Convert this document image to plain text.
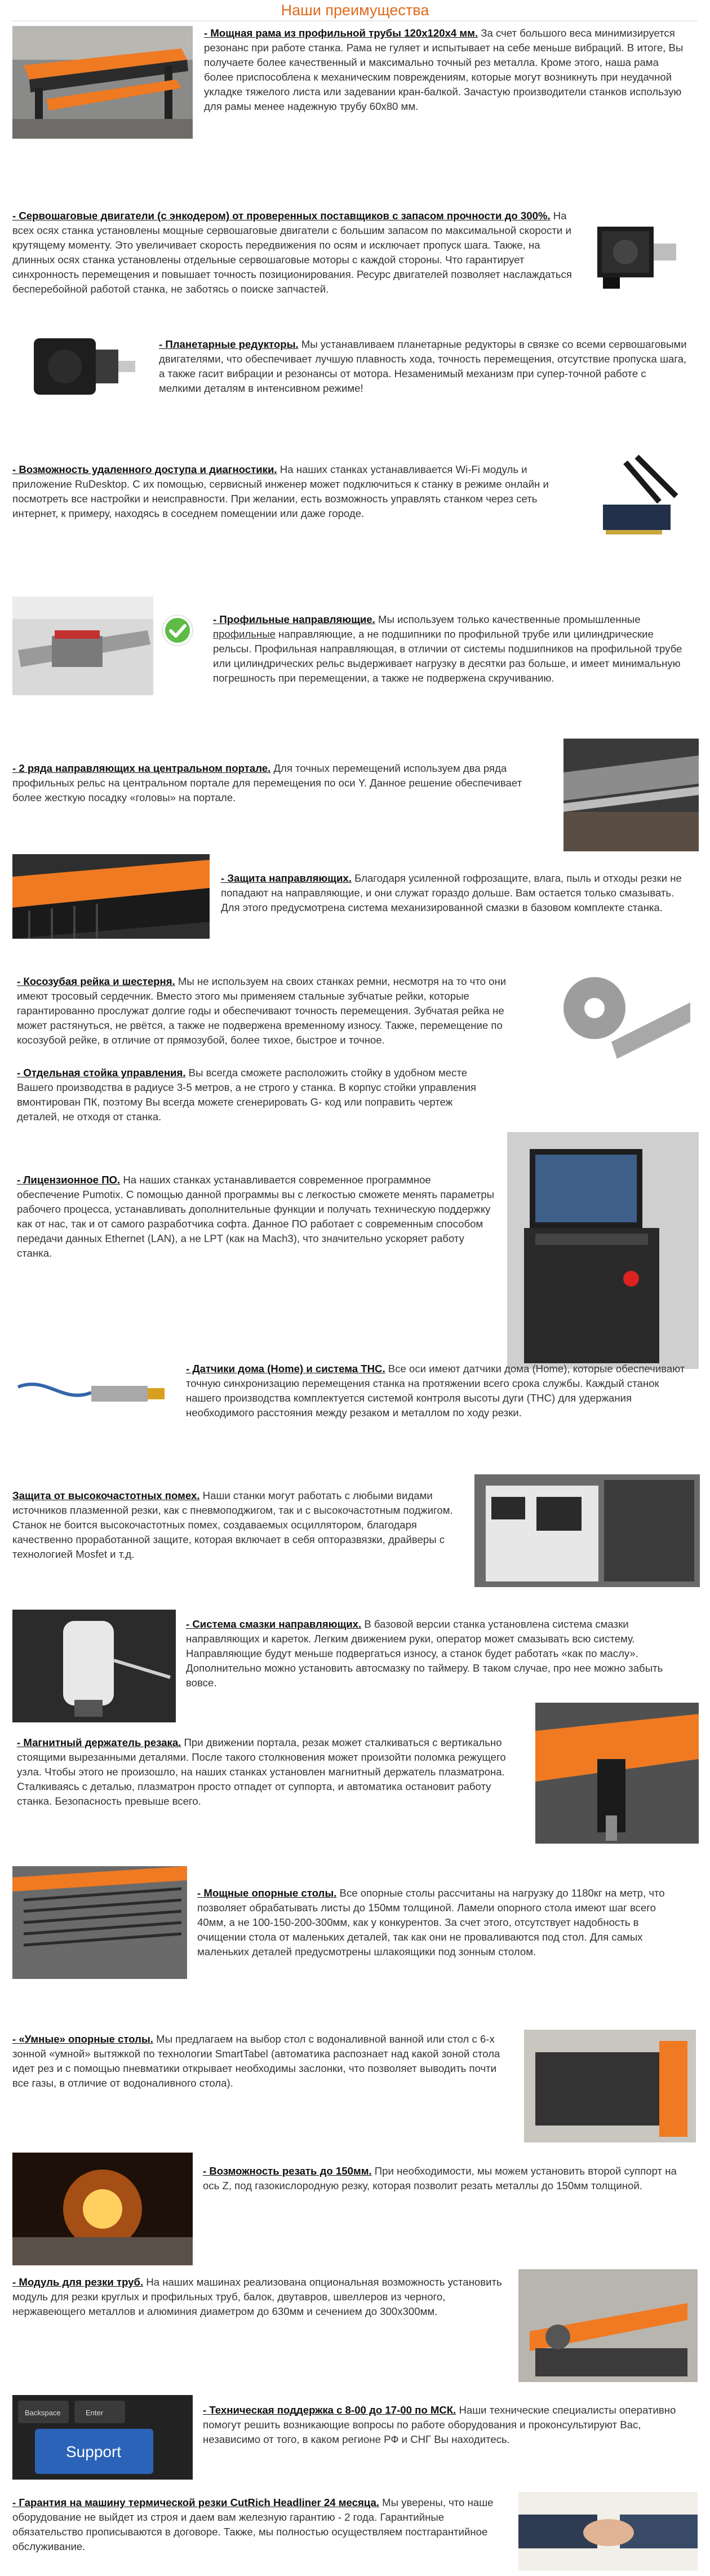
Наши преимущества

- Мощная рама из профильной трубы 120х120х4 мм. За счет большого веса минимизируется резонанс при работе станка. Рама не гуляет и испытывает на себе меньше вибраций. В итоге, Вы получаете более качественный и максимально точный рез металла. Кроме этого, наша рама более приспособлена к механическим повреждениям, которые могут возникнуть при неудачной укладке тяжелого листа или задевании кран-балкой. Зачастую производители станков использую для рамы менее надежную трубу 60х80 мм.

- Сервошаговые двигатели (с энкодером) от проверенных поставщиков с запасом прочности до 300%. На всех осях станка установлены мощные сервошаговые двигатели с большим запасом по максимальной скорости и крутящему моменту. Это увеличивает скорость передвижения по осям и исключает пропуск шага. Также, на длинных осях станка установлены отдельные сервошаговые моторы с каждой стороны. Что гарантирует синхронность перемещения и повышает точность позиционирования. Ресурс двигателей позволяет наслаждаться бесперебойной работой станка, не заботясь о поиске запчастей.

- Планетарные редукторы. Мы устанавливаем планетарные редукторы в связке со всеми сервошаговыми двигателями, что обеспечивает лучшую плавность хода, точность перемещения, отсутствие пропуска шага, а также гасит вибрации и резонансы от мотора. Незаменимый механизм при супер-точной работе с мелкими деталям в интенсивном режиме!

- Возможность удаленного доступа и диагностики. На наших станках устанавливается Wi-Fi модуль и приложение RuDesktop. С их помощью, сервисный инженер может подключиться к станку в режиме онлайн и посмотреть все настройки и неисправности. При желании, есть возможность управлять станком через сеть интернет, к примеру, находясь в соседнем помещении или даже городе.

- Профильные направляющие. Мы используем только качественные промышленные профильные направляющие, а не подшипники по профильной трубе или цилиндрические рельсы. Профильная направляющая, в отличии от системы подшипников на профильной трубе или цилиндрических рельс выдерживает нагрузку в десятки раз больше, и имеет минимальную погрешность при перемещении, а также не подвержена скручиванию.

- 2 ряда направляющих на центральном портале. Для точных перемещений используем два ряда профильных рельс на центральном портале для перемещения по оси Y. Данное решение обеспечивает более жесткую посадку «головы» на портале.

- Защита направляющих. Благодаря усиленной гофрозащите, влага, пыль и отходы резки не попадают на направляющие, и они служат гораздо дольше. Вам остается только смазывать. Для этого предусмотрена система механизированной смазки в базовом комплекте станка.

- Косозубая рейка и шестерня. Мы не используем на своих станках ремни, несмотря на то что они имеют тросовый сердечник. Вместо этого мы применяем стальные зубчатые рейки, которые гарантированно прослужат долгие годы и обеспечивают точность перемещения. Зубчатая рейка не может растянуться, не рвётся, а также не подвержена временному износу. Также, перемещение по косозубой рейке, в отличие от прямозубой, более тихое, быстрое и точное.

- Отдельная стойка управления. Вы всегда сможете расположить стойку в удобном месте Вашего производства в радиусе 3-5 метров, а не строго у станка. В корпус стойки управления вмонтирован ПК, поэтому Вы всегда можете сгенерировать G- код или поправить чертеж деталей, не отходя от станка.

- Лицензионное ПО. На наших станках устанавливается современное программное обеспечение Pumotix. С помощью данной программы вы с легкостью сможете менять параметры рабочего процесса, устанавливать дополнительные функции и получать техническую поддержку как от нас, так и от самого разработчика софта. Данное ПО работает с современным способом передачи данных Ethernet (LAN), а не LPT (как на Mach3), что значительно ускоряет работу станка.

- Датчики дома (Home) и система THC. Все оси имеют датчики дома (Home), которые обеспечивают точную синхронизацию перемещения станка на протяжении всего срока службы. Каждый станок нашего производства комплектуется системой контроля высоты дуги (THC) для удержания необходимого расстояния между резаком и металлом по ходу резки.

Защита от высокочастотных помех. Наши станки могут работать с любыми видами источников плазменной резки, как с пневмоподжигом, так и с высокочастотным поджигом. Станок не боится высокочастотных помех, создаваемых осциллятором, благодаря качественно проработанной защите, которая включает в себя опторазвязки, драйверы с технологией Mosfet и т.д.

- Система смазки направляющих. В базовой версии станка установлена система смазки направляющих и кареток. Легким движением руки, оператор может смазывать всю систему. Направляющие будут меньше подвергаться износу, а станок будет работать «как по маслу». Дополнительно можно установить автосмазку по таймеру. В таком случае, про нее можно забыть вовсе.

- Магнитный держатель резака. При движении портала, резак может сталкиваться с вертикально стоящими вырезанными деталями. После такого столкновения может произойти поломка режущего узла. Чтобы этого не произошло, на наших станках установлен магнитный держатель плазматрона. Сталкиваясь с деталью, плазматрон просто отпадет от суппорта, и автоматика остановит работу станка. Безопасность превыше всего.

- Мощные опорные столы. Все опорные столы рассчитаны на нагрузку до 1180кг на метр, что позволяет обрабатывать листы до 150мм толщиной. Ламели опорного стола имеют шаг всего 40мм, а не 100-150-200-300мм, как у конкурентов. За счет этого, отсутствует надобность в очищении стола от маленьких деталей, так как они не проваливаются под стол. Для самых маленьких деталей предусмотрены шлакоящики под зонным столом.

- «Умные» опорные столы. Мы предлагаем на выбор стол с водоналивной ванной или стол с 6-х зонной «умной» вытяжкой по технологии SmartTabel (автоматика распознает над какой зоной стола идет рез и с помощью пневматики открывает необходимы заслонки, что позволяет выводить почти все газы, в отличие от водоналивного стола).

- Возможность резать до 150мм. При необходимости, мы можем установить второй суппорт на ось Z, под газокислородную резку, которая позволит резать металлы до 150мм толщиной.

- Модуль для резки труб. На наших машинах реализована опциональная возможность установить модуль для резки круглых и профильных труб, балок, двутавров, швеллеров из черного, нержавеющего металлов и алюминия диаметром до 630мм и сечением до 300х300мм.

Backspace	Enter
Support

- Техническая поддержка с 8-00 до 17-00 по МСК. Наши технические специалисты оперативно помогут решить возникающие вопросы по работе оборудования и проконсультируют Вас, независимо от того, в каком регионе РФ и СНГ Вы находитесь.

- Гарантия на машину термической резки CutRich Headliner 24 месяца. Мы уверены, что наше оборудование не выйдет из строя и даем вам железную гарантию - 2 года. Гарантийные обязательство прописываются в договоре. Также, мы полностью осуществляем постгарантийное обслуживание.
